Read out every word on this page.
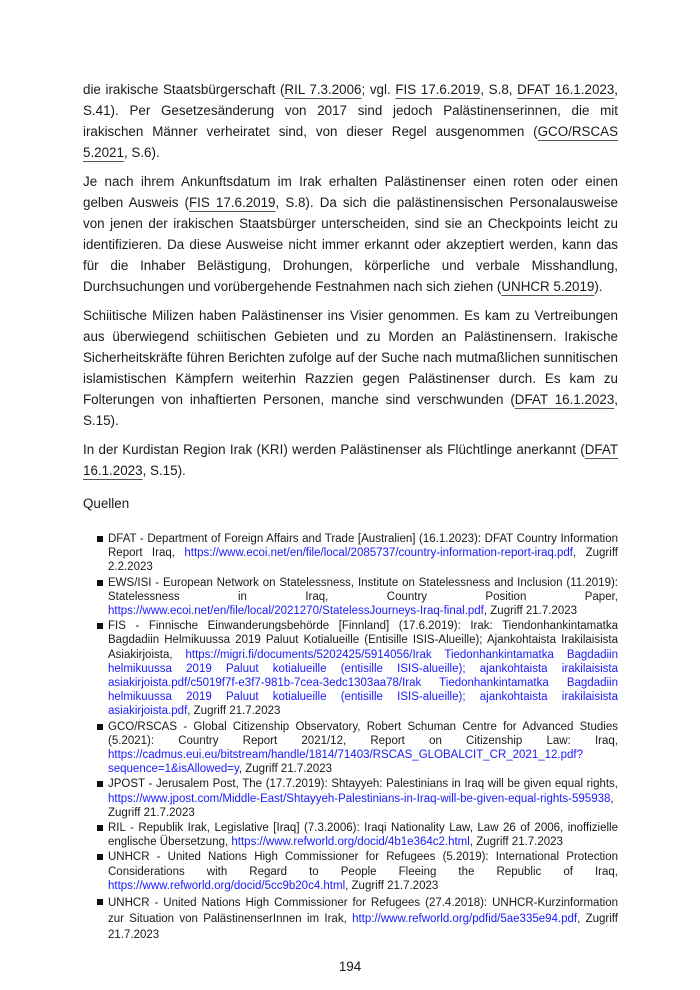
die irakische Staatsbürgerschaft (RIL 7.3.2006; vgl. FIS 17.6.2019, S.8, DFAT 16.1.2023, S.41). Per Gesetzesänderung von 2017 sind jedoch Palästinenserinnen, die mit irakischen Männer verheiratet sind, von dieser Regel ausgenommen (GCO/RSCAS 5.2021, S.6).

Je nach ihrem Ankunftsdatum im Irak erhalten Palästinenser einen roten oder einen gelben Ausweis (FIS 17.6.2019, S.8). Da sich die palästinensischen Personalausweise von jenen der irakischen Staatsbürger unterscheiden, sind sie an Checkpoints leicht zu identifizieren. Da diese Ausweise nicht immer erkannt oder akzeptiert werden, kann das für die Inhaber Belästigung, Drohungen, körperliche und verbale Misshandlung, Durchsuchungen und vorübergehende Festnahmen nach sich ziehen (UNHCR 5.2019).

Schiitische Milizen haben Palästinenser ins Visier genommen. Es kam zu Vertreibungen aus überwiegend schiitischen Gebieten und zu Morden an Palästinensern. Irakische Sicherheitskräfte führen Berichten zufolge auf der Suche nach mutmaßlichen sunnitischen islamistischen Kämpfern weiterhin Razzien gegen Palästinenser durch. Es kam zu Folterungen von inhaftierten Personen, manche sind verschwunden (DFAT 16.1.2023, S.15).

In der Kurdistan Region Irak (KRI) werden Palästinenser als Flüchtlinge anerkannt (DFAT 16.1.2023, S.15).

Quellen
DFAT - Department of Foreign Affairs and Trade [Australien] (16.1.2023): DFAT Country Information Report Iraq, https://www.ecoi.net/en/file/local/2085737/country-information-report-iraq.pdf, Zugriff 2.2.2023
EWS/ISI - European Network on Statelessness, Institute on Statelessness and Inclusion (11.2019): Statelessness in Iraq, Country Position Paper, https://www.ecoi.net/en/file/local/2021270/StatelessJourneys-Iraq-final.pdf, Zugriff 21.7.2023
FIS - Finnische Einwanderungsbehörde [Finnland] (17.6.2019): Irak: Tiendonhankintamatka Bagdadiin Helmikuussa 2019 Paluut Kotialueille (Entisille ISIS-Alueille); Ajankohtaista Irakilaisista Asiakirjoista, https://migri.fi/documents/5202425/5914056/Irak Tiedonhankintamatka Bagdadiin helmikuussa 2019 Paluut kotialueille (entisille ISIS-alueille); ajankohtaista irakilaisista asiakirjoista.pdf/c5019f7f-e3f7-981b-7cea-3edc1303aa78/Irak Tiedonhankintamatka Bagdadiin helmikuussa 2019 Paluut kotialueille (entisille ISIS-alueille); ajankohtaista irakilaisista asiakirjoista.pdf, Zugriff 21.7.2023
GCO/RSCAS - Global Citizenship Observatory, Robert Schuman Centre for Advanced Studies (5.2021): Country Report 2021/12, Report on Citizenship Law: Iraq, https://cadmus.eui.eu/bitstream/handle/1814/71403/RSCAS_GLOBALCIT_CR_2021_12.pdf?sequence=1&isAllowed=y, Zugriff 21.7.2023
JPOST - Jerusalem Post, The (17.7.2019): Shtayyeh: Palestinians in Iraq will be given equal rights, https://www.jpost.com/Middle-East/Shtayyeh-Palestinians-in-Iraq-will-be-given-equal-rights-595938, Zugriff 21.7.2023
RIL - Republik Irak, Legislative [Iraq] (7.3.2006): Iraqi Nationality Law, Law 26 of 2006, inoffizielle englische Übersetzung, https://www.refworld.org/docid/4b1e364c2.html, Zugriff 21.7.2023
UNHCR - United Nations High Commissioner for Refugees (5.2019): International Protection Considerations with Regard to People Fleeing the Republic of Iraq, https://www.refworld.org/docid/5cc9b20c4.html, Zugriff 21.7.2023
UNHCR - United Nations High Commissioner for Refugees (27.4.2018): UNHCR-Kurzinformation zur Situation von PalästinenserInnen im Irak, http://www.refworld.org/pdfid/5ae335e94.pdf, Zugriff 21.7.2023
194
